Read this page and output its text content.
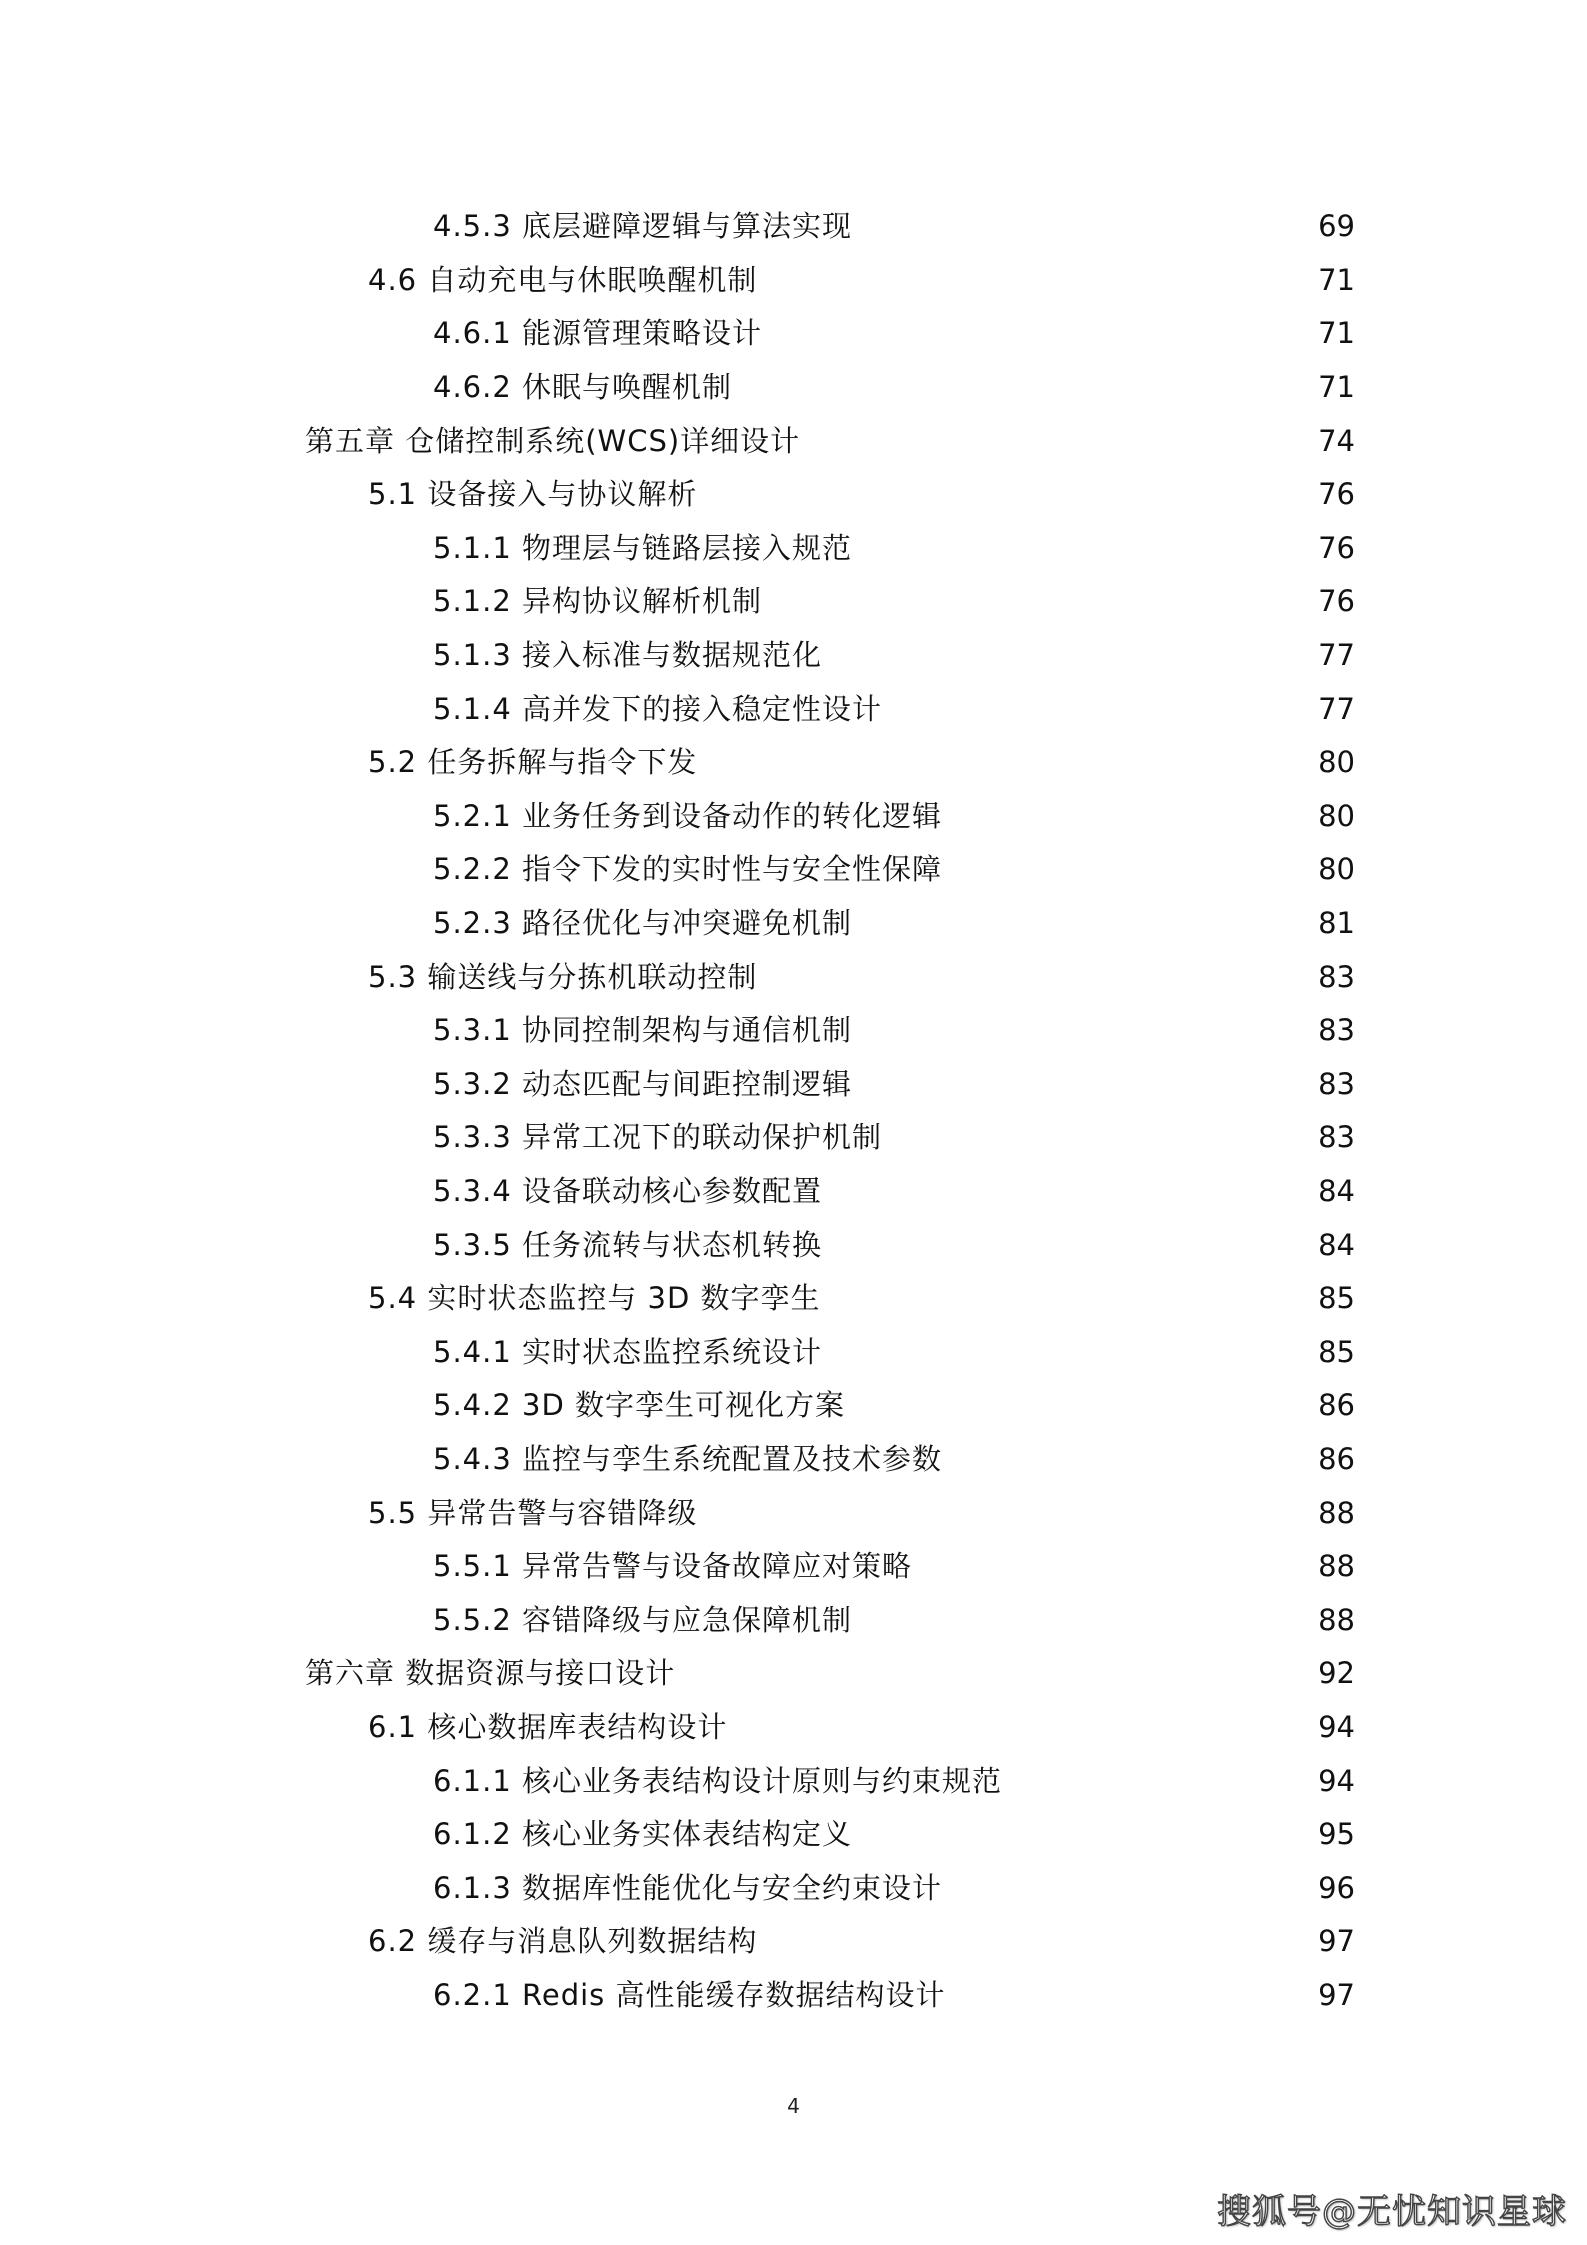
4.5.3 底层避障逻辑与算法实现	69
4.6 自动充电与休眠唤醒机制	71
4.6.1 能源管理策略设计	71
4.6.2 休眠与唤醒机制	71
第五章 仓储控制系统(WCS)详细设计	74
5.1 设备接入与协议解析	76
5.1.1 物理层与链路层接入规范	76
5.1.2 异构协议解析机制	76
5.1.3 接入标准与数据规范化	77
5.1.4 高并发下的接入稳定性设计	77
5.2 任务拆解与指令下发	80
5.2.1 业务任务到设备动作的转化逻辑	80
5.2.2 指令下发的实时性与安全性保障	80
5.2.3 路径优化与冲突避免机制	81
5.3 输送线与分拣机联动控制	83
5.3.1 协同控制架构与通信机制	83
5.3.2 动态匹配与间距控制逻辑	83
5.3.3 异常工况下的联动保护机制	83
5.3.4 设备联动核心参数配置	84
5.3.5 任务流转与状态机转换	84
5.4 实时状态监控与 3D 数字孪生	85
5.4.1 实时状态监控系统设计	85
5.4.2 3D 数字孪生可视化方案	86
5.4.3 监控与孪生系统配置及技术参数	86
5.5 异常告警与容错降级	88
5.5.1 异常告警与设备故障应对策略	88
5.5.2 容错降级与应急保障机制	88
第六章 数据资源与接口设计	92
6.1 核心数据库表结构设计	94
6.1.1 核心业务表结构设计原则与约束规范	94
6.1.2 核心业务实体表结构定义	95
6.1.3 数据库性能优化与安全约束设计	96
6.2 缓存与消息队列数据结构	97
6.2.1 Redis 高性能缓存数据结构设计	97
4
搜狐号@无忧知识星球
